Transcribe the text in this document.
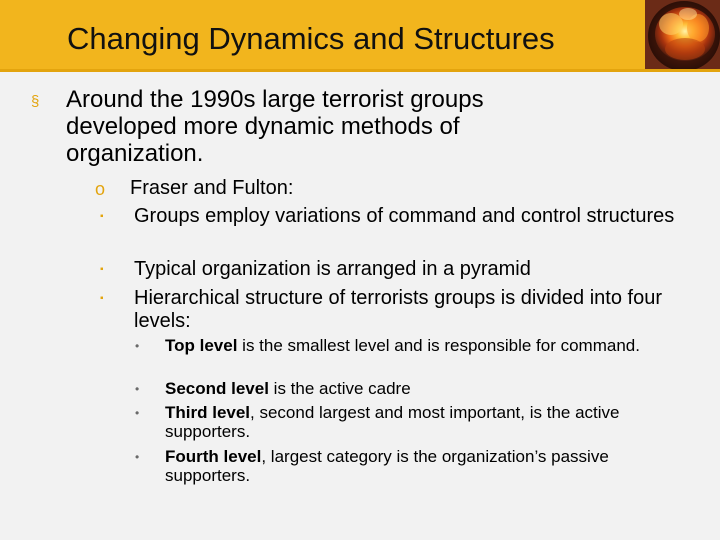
Changing Dynamics and Structures
§ Around the 1990s large terrorist groups developed more dynamic methods of organization.
o Fraser and Fulton:
▪ Groups employ variations of command and control structures
▪ Typical organization is arranged in a pyramid
▪ Hierarchical structure of terrorists groups is divided into four levels:
• Top level is the smallest level and is responsible for command.
• Second level is the active cadre
• Third level, second largest and most important, is the active supporters.
• Fourth level, largest category is the organization’s passive supporters.
